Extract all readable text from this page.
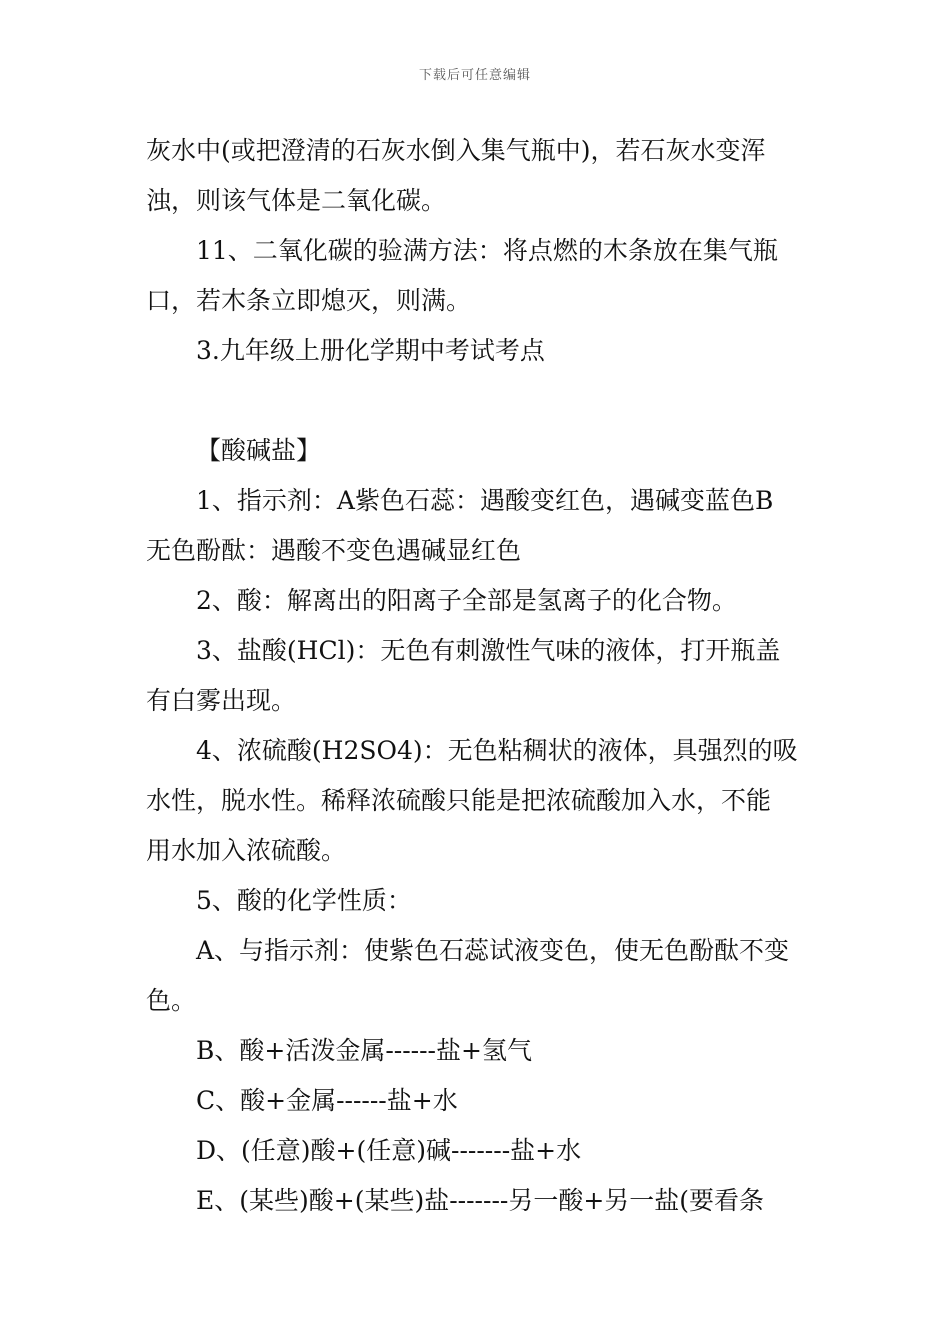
下载后可任意编辑
灰水中(或把澄清的石灰水倒入集气瓶中)，若石灰水变浑
浊，则该气体是二氧化碳。
11、二氧化碳的验满方法：将点燃的木条放在集气瓶
口，若木条立即熄灭，则满。
3.九年级上册化学期中考试考点
【酸碱盐】
1、指示剂：A紫色石蕊：遇酸变红色，遇碱变蓝色B
无色酚酞：遇酸不变色遇碱显红色
2、酸：解离出的阳离子全部是氢离子的化合物。
3、盐酸(HCl)：无色有刺激性气味的液体，打开瓶盖
有白雾出现。
4、浓硫酸(H2SO4)：无色粘稠状的液体，具强烈的吸
水性，脱水性。稀释浓硫酸只能是把浓硫酸加入水，不能
用水加入浓硫酸。
5、酸的化学性质：
A、与指示剂：使紫色石蕊试液变色，使无色酚酞不变
色。
B、酸+活泼金属------盐+氢气
C、酸+金属------盐+水
D、(任意)酸+(任意)碱-------盐+水
E、(某些)酸+(某些)盐-------另一酸+另一盐(要看条
